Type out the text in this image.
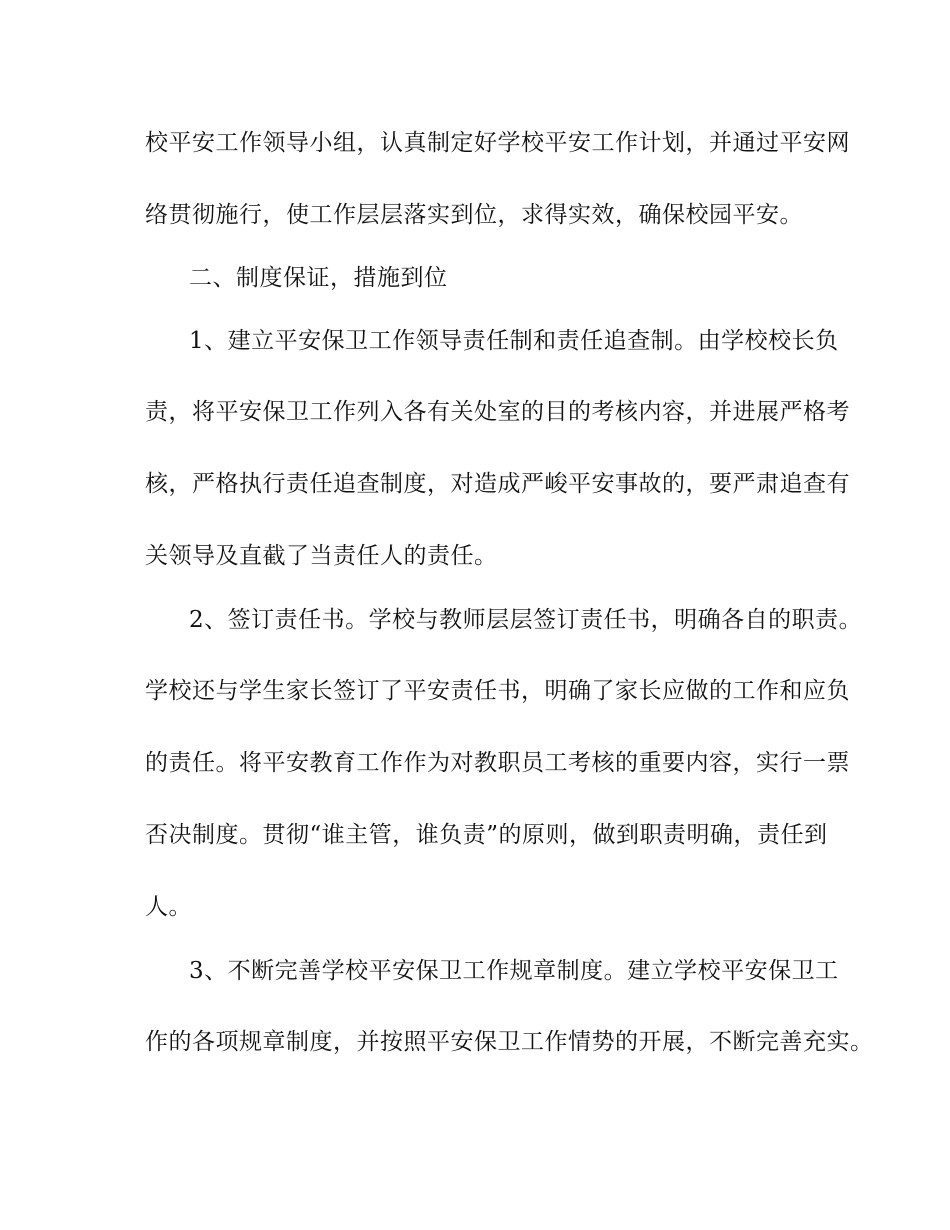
校平安工作领导小组，认真制定好学校平安工作计划，并通过平安网
络贯彻施行，使工作层层落实到位，求得实效，确保校园平安。
二、制度保证，措施到位
1、建立平安保卫工作领导责任制和责任追查制。由学校校长负
责，将平安保卫工作列入各有关处室的目的考核内容，并进展严格考
核，严格执行责任追查制度，对造成严峻平安事故的，要严肃追查有
关领导及直截了当责任人的责任。
2、签订责任书。学校与教师层层签订责任书，明确各自的职责。
学校还与学生家长签订了平安责任书，明确了家长应做的工作和应负
的责任。将平安教育工作作为对教职员工考核的重要内容，实行一票
否决制度。贯彻“谁主管，谁负责”的原则，做到职责明确，责任到
人。
3、不断完善学校平安保卫工作规章制度。建立学校平安保卫工
作的各项规章制度，并按照平安保卫工作情势的开展，不断完善充实。
